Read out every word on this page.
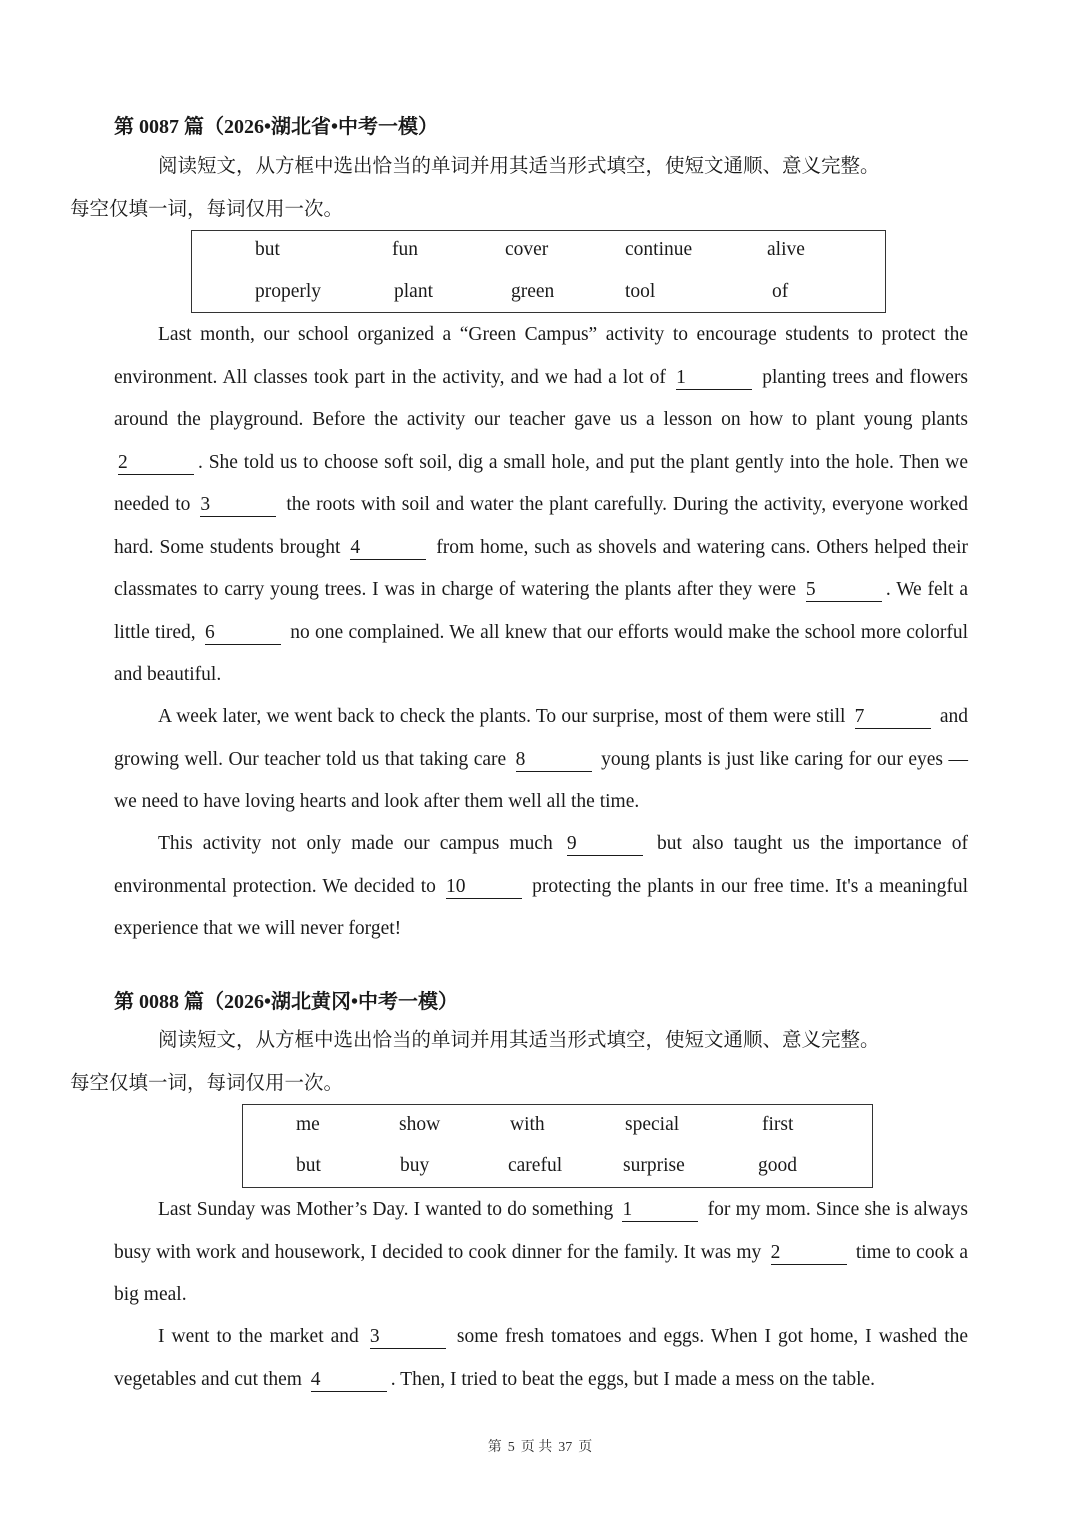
第 0087 篇（2026•湖北省•中考一模）
阅读短文，从方框中选出恰当的单词并用其适当形式填空，使短文通顺、意义完整。
每空仅填一词，每词仅用一次。
but	fun	cover	continue	alive
properly	plant	green	tool	of
Last month, our school organized a “Green Campus” activity to encourage students to protect the environment. All classes took part in the activity, and we had a lot of 1	planting trees and flowers around the playground. Before the activity our teacher gave us a lesson on how to plant young plants 2	. She told us to choose soft soil, dig a small hole, and put the plant gently into the hole. Then we needed to 3	the roots with soil and water the plant carefully. During the activity, everyone worked hard. Some students brought 4	from home, such as shovels and watering cans. Others helped their classmates to carry young trees. I was in charge of watering the plants after they were 5	. We felt a little tired, 6	no one complained. We all knew that our efforts would make the school more colorful and beautiful.
A week later, we went back to check the plants. To our surprise, most of them were still 7	and growing well. Our teacher told us that taking care 8	young plants is just like caring for our eyes — we need to have loving hearts and look after them well all the time.
This activity not only made our campus much 9	but also taught us the importance of environmental protection. We decided to 10	protecting the plants in our free time. It's a meaningful experience that we will never forget!
第 0088 篇（2026•湖北黄冈•中考一模）
阅读短文，从方框中选出恰当的单词并用其适当形式填空，使短文通顺、意义完整。
每空仅填一词，每词仅用一次。
me	show	with	special	first
but	buy	careful	surprise	good
Last Sunday was Mother’s Day. I wanted to do something 1	for my mom. Since she is always busy with work and housework, I decided to cook dinner for the family. It was my 2	time to cook a big meal.
I went to the market and 3	some fresh tomatoes and eggs. When I got home, I washed the vegetables and cut them 4	. Then, I tried to beat the eggs, but I made a mess on the table.
第 5 页 共 37 页
